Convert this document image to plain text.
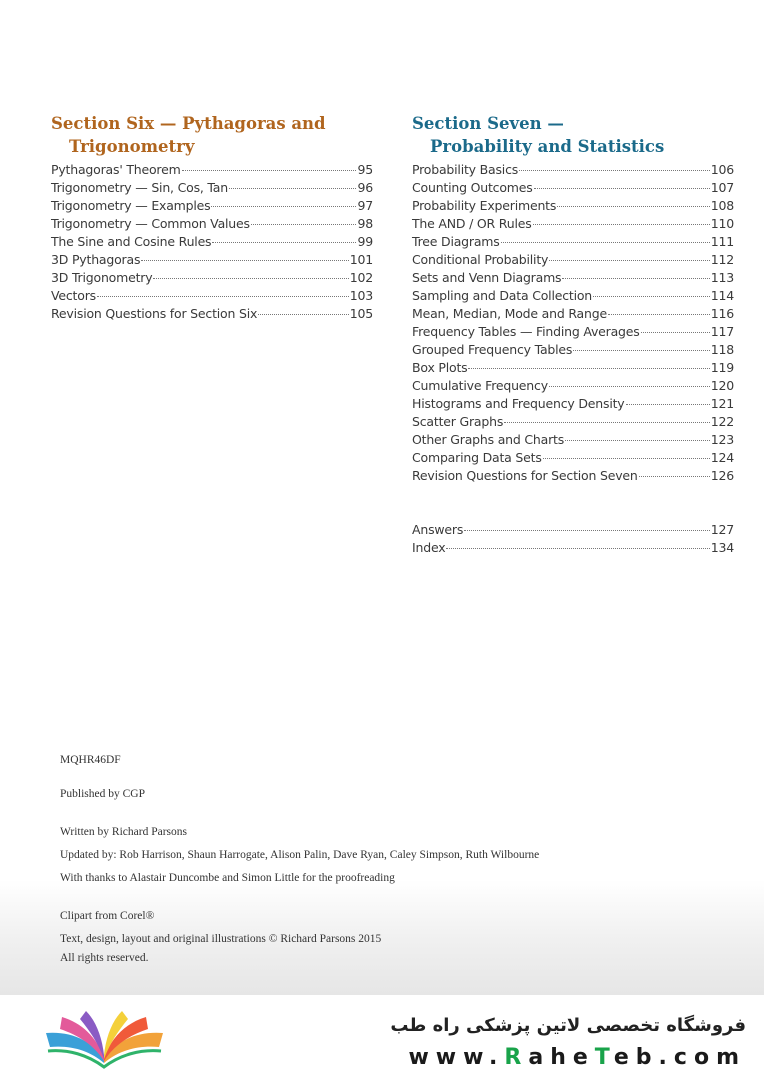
Section Six — Pythagoras and
Trigonometry
Pythagoras' Theorem	95
Trigonometry — Sin, Cos, Tan	96
Trigonometry — Examples	97
Trigonometry — Common Values	98
The Sine and Cosine Rules	99
3D Pythagoras	101
3D Trigonometry	102
Vectors	103
Revision Questions for Section Six	105
Section Seven —
Probability and Statistics
Probability Basics	106
Counting Outcomes	107
Probability Experiments	108
The AND / OR Rules	110
Tree Diagrams	111
Conditional Probability	112
Sets and Venn Diagrams	113
Sampling and Data Collection	114
Mean, Median, Mode and Range	116
Frequency Tables — Finding Averages	117
Grouped Frequency Tables	118
Box Plots	119
Cumulative Frequency	120
Histograms and Frequency Density	121
Scatter Graphs	122
Other Graphs and Charts	123
Comparing Data Sets	124
Revision Questions for Section Seven	126
Answers	127
Index	134

MQHR46DF

Published by CGP

Written by Richard Parsons

Updated by: Rob Harrison, Shaun Harrogate, Alison Palin, Dave Ryan, Caley Simpson, Ruth Wilbourne

With thanks to Alastair Duncombe and Simon Little for the proofreading

Clipart from Corel®

Text, design, layout and original illustrations © Richard Parsons 2015

All rights reserved.

فروشگاه تخصصی لاتین پزشکی راه طب
www.RaheTeb.com
